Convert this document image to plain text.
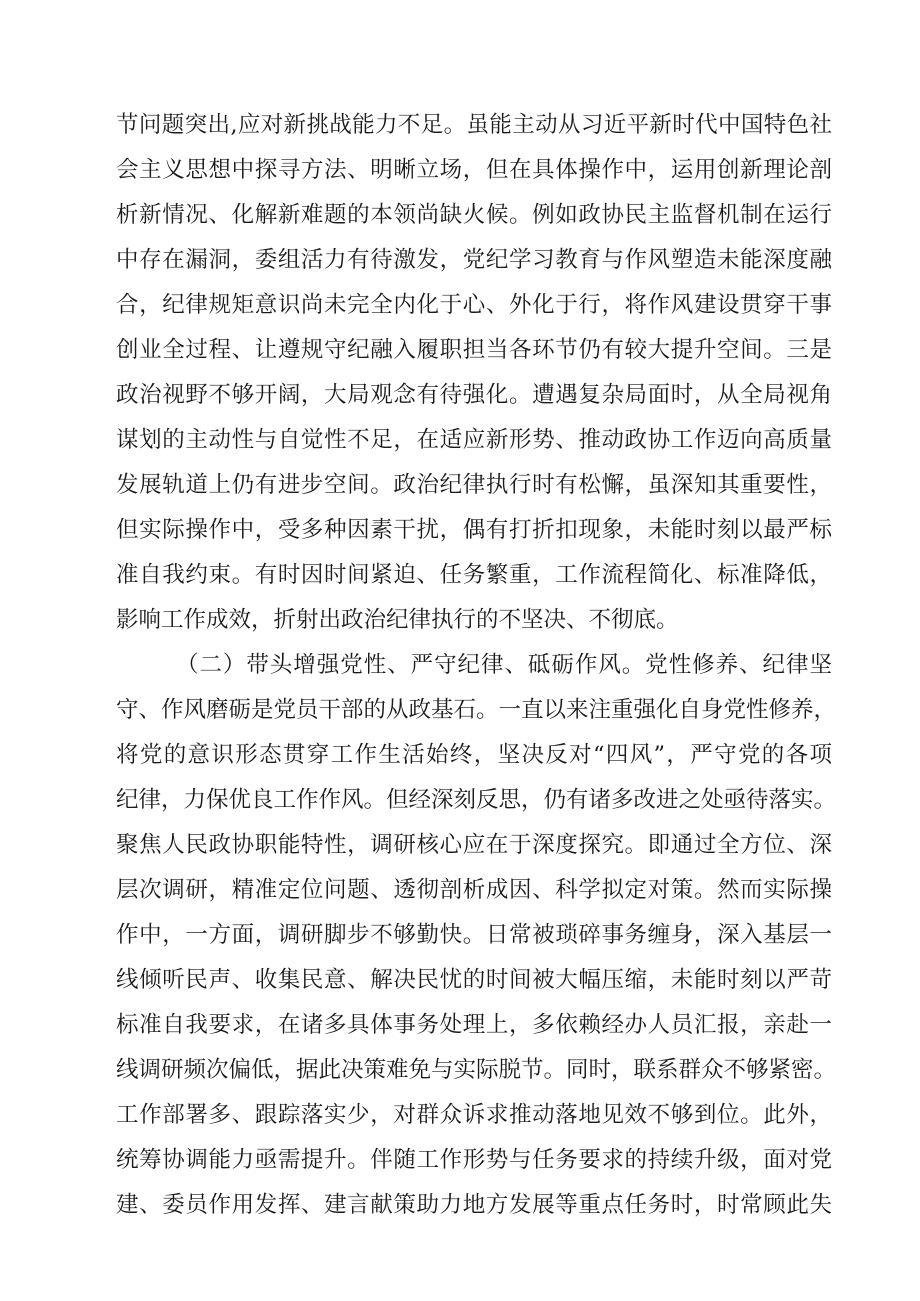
节问题突出,应对新挑战能力不足。虽能主动从习近平新时代中国特色社
会主义思想中探寻方法、明晰立场，但在具体操作中，运用创新理论剖
析新情况、化解新难题的本领尚缺火候。例如政协民主监督机制在运行
中存在漏洞，委组活力有待激发，党纪学习教育与作风塑造未能深度融
合，纪律规矩意识尚未完全内化于心、外化于行，将作风建设贯穿干事
创业全过程、让遵规守纪融入履职担当各环节仍有较大提升空间。三是
政治视野不够开阔，大局观念有待强化。遭遇复杂局面时，从全局视角
谋划的主动性与自觉性不足，在适应新形势、推动政协工作迈向高质量
发展轨道上仍有进步空间。政治纪律执行时有松懈，虽深知其重要性，
但实际操作中，受多种因素干扰，偶有打折扣现象，未能时刻以最严标
准自我约束。有时因时间紧迫、任务繁重，工作流程简化、标准降低，
影响工作成效，折射出政治纪律执行的不坚决、不彻底。
（二）带头增强党性、严守纪律、砥砺作风。党性修养、纪律坚
守、作风磨砺是党员干部的从政基石。一直以来注重强化自身党性修养，
将党的意识形态贯穿工作生活始终，坚决反对“四风”，严守党的各项
纪律，力保优良工作作风。但经深刻反思，仍有诸多改进之处亟待落实。
聚焦人民政协职能特性，调研核心应在于深度探究。即通过全方位、深
层次调研，精准定位问题、透彻剖析成因、科学拟定对策。然而实际操
作中，一方面，调研脚步不够勤快。日常被琐碎事务缠身，深入基层一
线倾听民声、收集民意、解决民忧的时间被大幅压缩，未能时刻以严苛
标准自我要求，在诸多具体事务处理上，多依赖经办人员汇报，亲赴一
线调研频次偏低，据此决策难免与实际脱节。同时，联系群众不够紧密。
工作部署多、跟踪落实少，对群众诉求推动落地见效不够到位。此外，
统筹协调能力亟需提升。伴随工作形势与任务要求的持续升级，面对党
建、委员作用发挥、建言献策助力地方发展等重点任务时，时常顾此失
